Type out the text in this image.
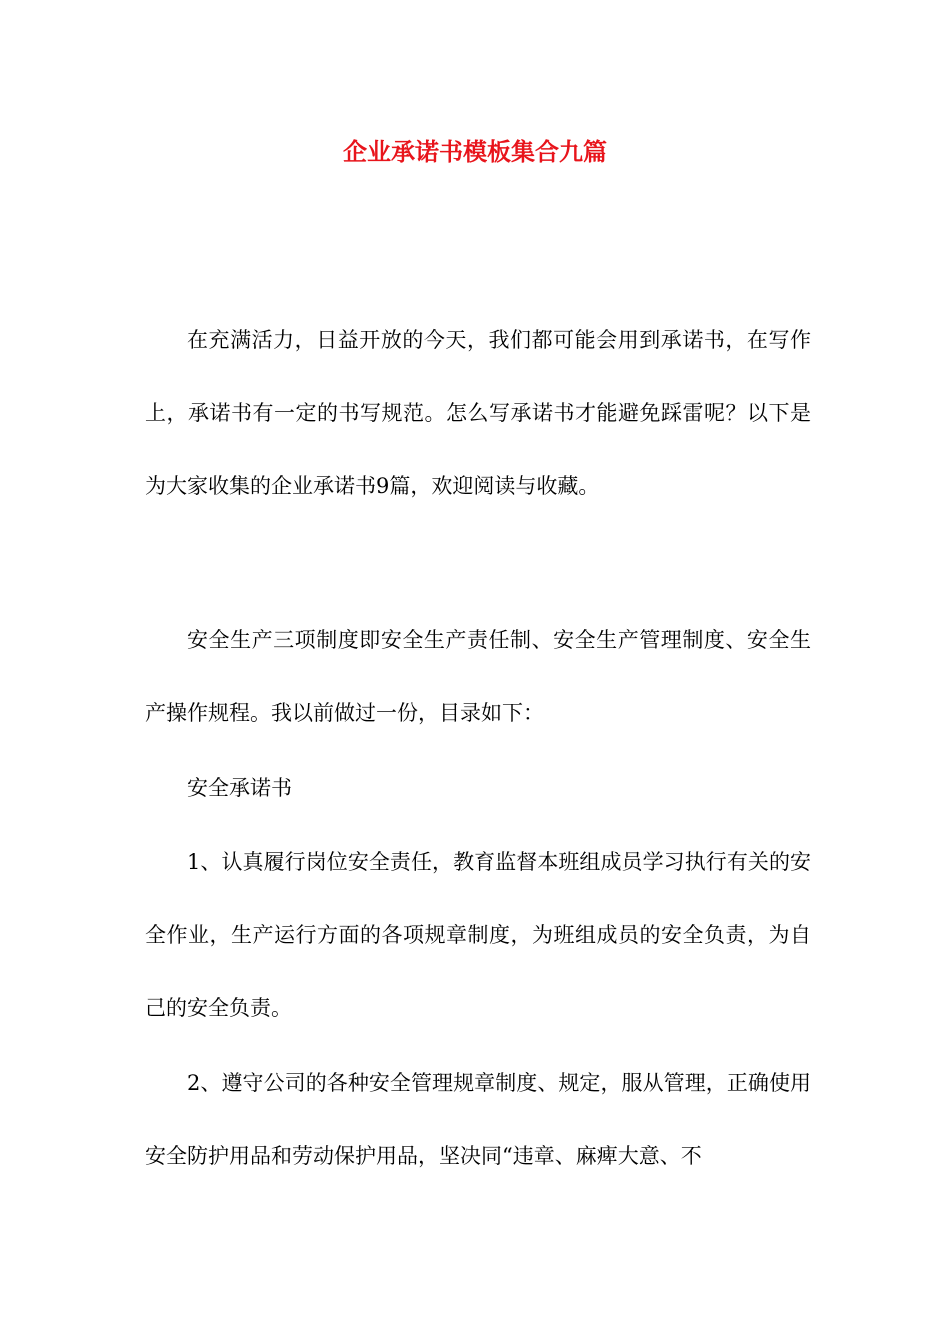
企业承诺书模板集合九篇

在充满活力，日益开放的今天，我们都可能会用到承诺书，在写作上，承诺书有一定的书写规范。怎么写承诺书才能避免踩雷呢？以下是为大家收集的企业承诺书9篇，欢迎阅读与收藏。

安全生产三项制度即安全生产责任制、安全生产管理制度、安全生产操作规程。我以前做过一份，目录如下：

安全承诺书

1、认真履行岗位安全责任，教育监督本班组成员学习执行有关的安全作业，生产运行方面的各项规章制度，为班组成员的安全负责，为自己的安全负责。

2、遵守公司的各种安全管理规章制度、规定，服从管理，正确使用安全防护用品和劳动保护用品，坚决同“违章、麻痺大意、不
